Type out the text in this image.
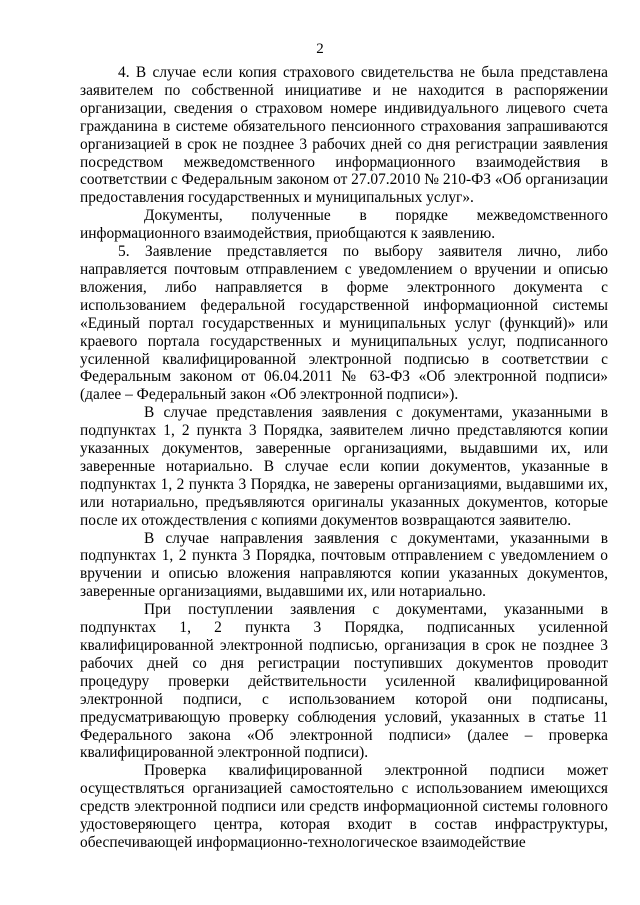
2

4. В случае если копия страхового свидетельства не была представлена заявителем по собственной инициативе и не находится в распоряжении организации, сведения о страховом номере индивидуального лицевого счета гражданина в системе обязательного пенсионного страхования запрашиваются организацией в срок не позднее 3 рабочих дней со дня регистрации заявления посредством межведомственного информационного взаимодействия в соответствии с Федеральным законом от 27.07.2010 № 210-ФЗ «Об организации предоставления государственных и муниципальных услуг».

Документы, полученные в порядке межведомственного информационного взаимодействия, приобщаются к заявлению.

5. Заявление представляется по выбору заявителя лично, либо направляется почтовым отправлением с уведомлением о вручении и описью вложения, либо направляется в форме электронного документа с использованием федеральной государственной информационной системы «Единый портал государственных и муниципальных услуг (функций)» или краевого портала государственных и муниципальных услуг, подписанного усиленной квалифицированной электронной подписью в соответствии с Федеральным законом от 06.04.2011 № 63-ФЗ «Об электронной подписи» (далее – Федеральный закон «Об электронной подписи»).

В случае представления заявления с документами, указанными в подпунктах 1, 2 пункта 3 Порядка, заявителем лично представляются копии указанных документов, заверенные организациями, выдавшими их, или заверенные нотариально. В случае если копии документов, указанные в подпунктах 1, 2 пункта 3 Порядка, не заверены организациями, выдавшими их, или нотариально, предъявляются оригиналы указанных документов, которые после их отождествления с копиями документов возвращаются заявителю.

В случае направления заявления с документами, указанными в подпунктах 1, 2 пункта 3 Порядка, почтовым отправлением с уведомлением о вручении и описью вложения направляются копии указанных документов, заверенные организациями, выдавшими их, или нотариально.

При поступлении заявления с документами, указанными в подпунктах 1, 2 пункта 3 Порядка, подписанных усиленной квалифицированной электронной подписью, организация в срок не позднее 3 рабочих дней со дня регистрации поступивших документов проводит процедуру проверки действительности усиленной квалифицированной электронной подписи, с использованием которой они подписаны, предусматривающую проверку соблюдения условий, указанных в статье 11 Федерального закона «Об электронной подписи» (далее – проверка квалифицированной электронной подписи).

Проверка квалифицированной электронной подписи может осуществляться организацией самостоятельно с использованием имеющихся средств электронной подписи или средств информационной системы головного удостоверяющего центра, которая входит в состав инфраструктуры, обеспечивающей информационно-технологическое взаимодействие
